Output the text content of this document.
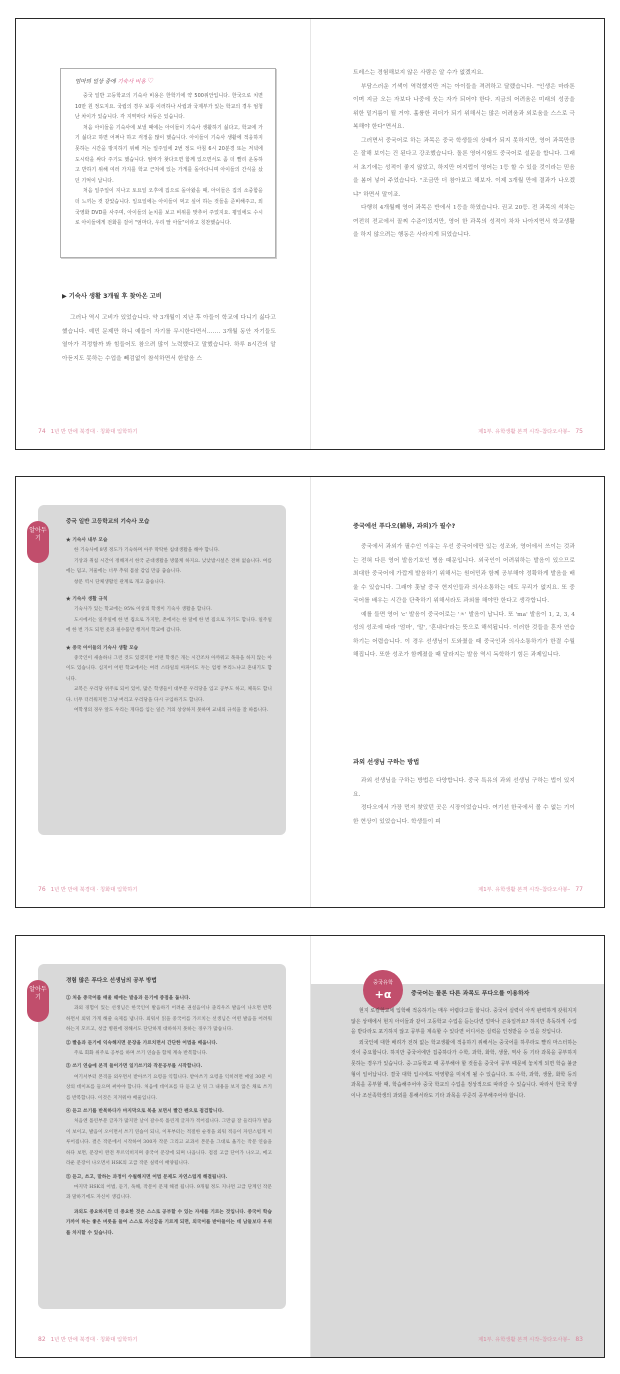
엄마의 일상 중에 기숙사 비용 ♡

중국 일반 고등학교의 기숙사 비용은 한학기에 약 500위안입니다. 한국으로 치면 10만 원 정도지요. 국립의 경우 보통 이러하나 사립과 국제부가 있는 학교의 경우 엄청난 차이가 있습니다. 각 지역마다 차등은 있습니다.

처음 아이들을 기숙사에 보낼 때에는 아이들이 기숙사 생활하기 싫다고, 학교에 가기 싫다고 하면 어쩌나 하고 걱정을 많이 했습니다. 아이들이 기숙사 생활에 적응하지 못하는 시간을 방지하기 위해 저는 일주일에 2번 정도 아침 6시 20분경 또는 저녁에 도시락을 싸다 주기도 했습니다. 엄마가 찾다오면 함께 있으면서도 좀 더 빨리 운동하고 반하기 위해 여러 가지를 학교 근처에 있는 가게를 돌아다니며 아이들의 간식을 샀던 기억이 납니다.

처음 일주일이 지나고 토요일 오후에 집으로 돌아왔을 때, 아이들은 집의 소중함을 더 느끼는 것 같았습니다. 일요일에는 아이들이 먹고 싶어 하는 것들을 준비해주고, 외국영화 DVD를 사주며, 아이들의 눈치를 보고 비위를 맞추어 주었지요. 평일에도 수시로 아이들에게 전화를 걸어 "엄마다, 우리 딸 아들"이라고 칭찬했습니다.

▶ 기숙사 생활 3개월 후 찾아온 고비

그러나 역시 고비가 있었습니다. 약 3개월이 지난 후 아들이 학교에 다니기 싫다고 했습니다. 예민 문제만 하니 예들이 자기를 무시한다면서……. 3개월 동안 자기들도 열아가 걱정할까 봐 힘들어도 참으려 많이 노력했다고 말했습니다. 하루 8시간의 알아듣지도 못하는 수업을 빼검없이 참석하면서 한알음 스

74 1년 반 만에 북경대 · 칭화대 입학하기

트레스는 경험해보지 않은 사람은 알 수가 없겠지요.

부담스러운 기색이 역력했지만 저는 아이들을 격려하고 달랬습니다. "인생은 마라톤이며 지금 오는 자보다 나중에 웃는 자가 되어야 한다. 지금의 어려움은 미래의 성공을 위한 밑거름이 될 거야. 훌륭한 리더가 되기 위해서는 많은 어려움과 외로움을 스스로 극복해야 한다"면서요.

그러면서 중국어로 하는 과목은 중국 학생들의 상태가 되지 못하지만, 영어 과목만큼은 잘해 보이는 건 된다고 강조했습니다. 돌론 영어시험도 중국어로 설문을 합니다. 그래서 초기에는 성적이 좋지 않았고, 하지만 어지럽이 영어는 1등 할 수 있을 것이라는 믿음을 봄어 넣어 주었습니다. "조금만 더 참아보고 해보자. 이제 3개월 만에 결과가 나오겠냐" 하면서 말이죠.

다행히 4개월째 영어 과목은 반에서 1등을 하였습니다. 권교 20등. 전 과목의 석차는 여전히 전교에서 꼴찌 수준이었지만, 영어 한 과목의 성적이 차차 나아지면서 학교생활을 하지 않으려는 행동은 사라지게 되었습니다.

제1부. 유학생활 본격 시작–참다오사봉– 75
중국 일반 고등학교의 기숙사 모습

★ 기숙사 내부 모습

한 기숙사에 8명 정도가 기숙하며 아주 딱딱한 침대생활을 해야 합니다.

기상과 취침 시간이 정해져서 한국 군대생활을 방불케 하지요. 낮낮밤시설은 전혀 없습니다. 여름에는 덥고, 겨울에는 너무 추워 몸살 감임 만큼 춥습니다.

창문 역시 단체생활인 관계로 개고 춥습니다.

★ 기숙사 생활 규칙

기숙사가 있는 학교에는 95% 이상의 학생이 기숙사 생활을 합니다.

도시에서는 일주일에 한 번 집으로 가지만, 촌에서는 한 달에 한 번 집으로 가기도 합니다. 일주일에 한 번 가도 되면 옷과 필수품만 챙겨서 학교에 갑니다.

★ 중국 아이들의 기숙사 생활 모습

중국인이 새솔하니 그런 것도 있겠지만 어떤 학생은 개는 시간조차 아까워고 목욕을 하지 않는 아이도 있습니다. 심지어 어떤 학교에서는 여러 스타일의 아파이도 두는 엄청 부리느냐고 혼내기도 합니다.

교복은 우리당 위주로 되어 있어, 많은 학생들이 대부분 우리당을 입고 공부도 하고, 체육도 합니다. 너무 더러워지면 그냥 버리고 우리당을 다시 구입하기도 합니다.

여학생의 경우 앞도 우리는 게다를 입는 일은 거의 상상하지 못하며 교내의 규칙을 잘 따릅니다.

알아두기
76 1년 반 만에 북경대 · 칭화대 입학하기
중국에선 푸다오(辅导, 과외)가 필수?

중국에서 과외가 필수인 이유는 우선 중국어에만 있는 성조와, 영어에서 쓰이는 것과는 전혀 다른 영어 발음기호인 병음 때문입니다. 외국인이 어려워하는 발음이 있으므로 최대한 중국어에 가깝게 발음하기 위해서는 원어민과 함께 공부해야 정확하게 발음을 배울 수 있습니다. 그래야 훗날 중국 현지인들과 의사소통하는 데도 무리가 없지요. 또 중국어를 배우는 시간을 단축하기 위해서라도 과외를 해야만 한다고 생각합니다.

예를 들면 영어 'c' 발음이 중국어로는 'ㅊ' 발음이 납니다. 또 'ma' 발음이 1, 2, 3, 4성의 성조에 따라 '엄마', '말', '혼내다'라는 뜻으로 해석됩니다. 이러한 것들을 혼자 연습하기는 어렵습니다. 이 경우 선생님이 도와줬을 때 중국인과 의사소통하기가 한결 수월해집니다. 또한 성조가 함께졌을 때 달라지는 발음 역시 독학하기 힘든 과제입니다.

과외 선생님 구하는 방법

과외 선생님을 구하는 방법은 다양합니다. 중국 특유의 과외 선생님 구하는 법이 있지요.

정다오에서 가장 먼저 찾았던 곳은 시장이었습니다. 여기선 한국에서 볼 수 없는 기이한 현상이 있었습니다. 학생들이 피

제1부. 유학생활 본격 시작–참다오사봉– 77
경험 많은 푸다오 선생님의 공부 방법

① 처음 중국어를 배울 때에는 발음과 듣기에 중점을 둡니다.

과외 경험이 있는 선생님은 한국인이 발음하기 어려운 권설음이나 졸리우즈 발음이 나오면 반복하면서 외워 가게 해줄 숙제를 냅니다. 외워서 읽을 중국어를 가르치는 선생님은 어떤 발음을 어려워하는지 모르고, 성급 병원에 경해서도 단단하게 대하하지 못하는 경우가 많습니다.

② 빨음과 듣기에 익숙해지면 문장을 가르치면서 간단한 어법을 배웁니다.

주로 회화 위주로 공부를 하며 쓰기 연습을 함께 계속 반복합니다.

③ 쓰기 연습에 본격 들어가면 일기쓰기와 작문공부를 시작합니다.

여기서부터 본격을 외우면서 받아쓰기 요령을 익힙니다. 받아쓰기 요령을 익히려면 매일 30분 이상의 데이프를 들으며 써야야 합니다. 처음에 데이프를 다 듣고 난 뒤 그 내용을 보지 않은 채로 쓰기를 반복합니다. 이것은 지겨워야 배울입니다.

④ 듣고 쓰기를 반복하다가 마지막으로 복을 보면서 빨간 펜으로 점검합니다.

처음엔 틀린부분 글자가 많지만 날이 갈수록 틀린게 글자가 적어집니다. 그만큼 잘 들리다가 발음이 보이고, 발음이 오이면서 쓰기 연습이 되니, 이후부터는 적절한 순정을 외워 적응이 자연스럽게 이루어집니다. 결은 작문에서 시작하여 300자 작문 그리고 교과서 본문을 그대로 옮기는 작문 연습을 하다 보면, 문장이 완전 무르익히지며 중국어 문장에 되며 나옵니다. 점점 고급 단어가 나오고, 메고라운 문장이 나오면서 HSK의 고급 작문 실력이 배양됩니다.

⑤ 듣고, 쓰고, 말하는 과정이 수월해지면 어법 문제도 자연스럽게 해결됩니다.

마지막 HSK의 어법, 듣기, 독해, 작문이 문제 해결 됩니다. 9개월 정도 지나면 고급 단계인 작문과 말하기에도 자신이 생깁니다.

과외도 중요하지만 더 중요한 것은 스스로 공부할 수 있는 자세를 기르는 것입니다. 중국어 학습 가까이 하는 좋은 버릇을 들여 스스로 자신감을 기르게 되면, 외국어를 받아들이는 데 남들보다 우위를 차지할 수 있습니다.

알아두기
82 1년 반 만에 북경대 · 칭화대 입학하기
중국유학
+α	중국어는 물론 다른 과목도 푸다오를 이용하자

현지 로컬학교에 입학해 적응하기는 매우 어렵다고들 합니다. 중국어 실력이 아직 완벽하게 갖춰지지 않은 상태에서 현지 아이들과 같이 고등학교 수업을 듣는다면 얼마나 곤욕일까요? 하지만 흑독하게 수업을 받다라도 포기하지 않고 공부를 계속할 수 있다면 어디서든 실력을 인정받을 수 있을 것입니다.

외국인에 대한 배려가 전혀 없는 학교생활에 적응하기 위해서는 중국어를 하루라도 빨리 마스터하는 것이 중요합니다. 하지만 중국어에만 집중하다가 수학, 과학, 화학, 생물, 역사 등 기타 과목을 공부하지 못하는 경우가 있습니다. 중·고등학교 때 공부해야 할 것들을 중국어 공부 때문에 놓치게 되면 학습 불균형이 일어납니다. 결국 대학 입시에도 악영향을 미치게 될 수 있습니다. 또 수학, 과학, 생물, 화학 등의 과목을 공부할 때, 학습해주어야 중국 학교의 수업을 정상적으로 따라갈 수 있습니다. 따라서 한국 학생이나 조선족학생의 과외를 통해서라도 기타 과목을 꾸준히 공부해주어야 합니다.

제1부. 유학생활 본격 시작–참다오사봉– 83
